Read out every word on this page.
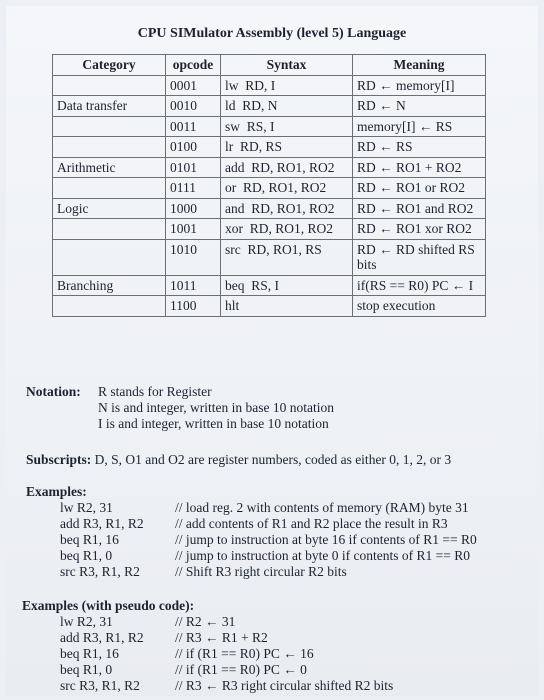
CPU SIMulator Assembly (level 5) Language
Category	opcode	Syntax	Meaning
	0001	lw RD, I	RD ← memory[I]
Data transfer	0010	ld RD, N	RD ← N
	0011	sw RS, I	memory[I] ← RS
	0100	lr RD, RS	RD ← RS
Arithmetic	0101	add RD, RO1, RO2	RD ← RO1 + RO2
	0111	or RD, RO1, RO2	RD ← RO1 or RO2
Logic	1000	and RD, RO1, RO2	RD ← RO1 and RO2
	1001	xor RD, RO1, RO2	RD ← RO1 xor RO2
	1010	src RD, RO1, RS	RD ← RD shifted RS bits
Branching	1011	beq RS, I	if(RS == R0) PC ← I
	1100	hlt	stop execution
Notation:	R stands for Register
N is and integer, written in base 10 notation
I is and integer, written in base 10 notation
Subscripts: D, S, O1 and O2 are register numbers, coded as either 0, 1, 2, or 3
Examples:
lw R2, 31	// load reg. 2 with contents of memory (RAM) byte 31
add R3, R1, R2	// add contents of R1 and R2 place the result in R3
beq R1, 16	// jump to instruction at byte 16 if contents of R1 == R0
beq R1, 0	// jump to instruction at byte 0 if contents of R1 == R0
src R3, R1, R2	// Shift R3 right circular R2 bits
Examples (with pseudo code):
lw R2, 31	// R2 ← 31
add R3, R1, R2	// R3 ← R1 + R2
beq R1, 16	// if (R1 == R0) PC ← 16
beq R1, 0	// if (R1 == R0) PC ← 0
src R3, R1, R2	// R3 ← R3 right circular shifted R2 bits
